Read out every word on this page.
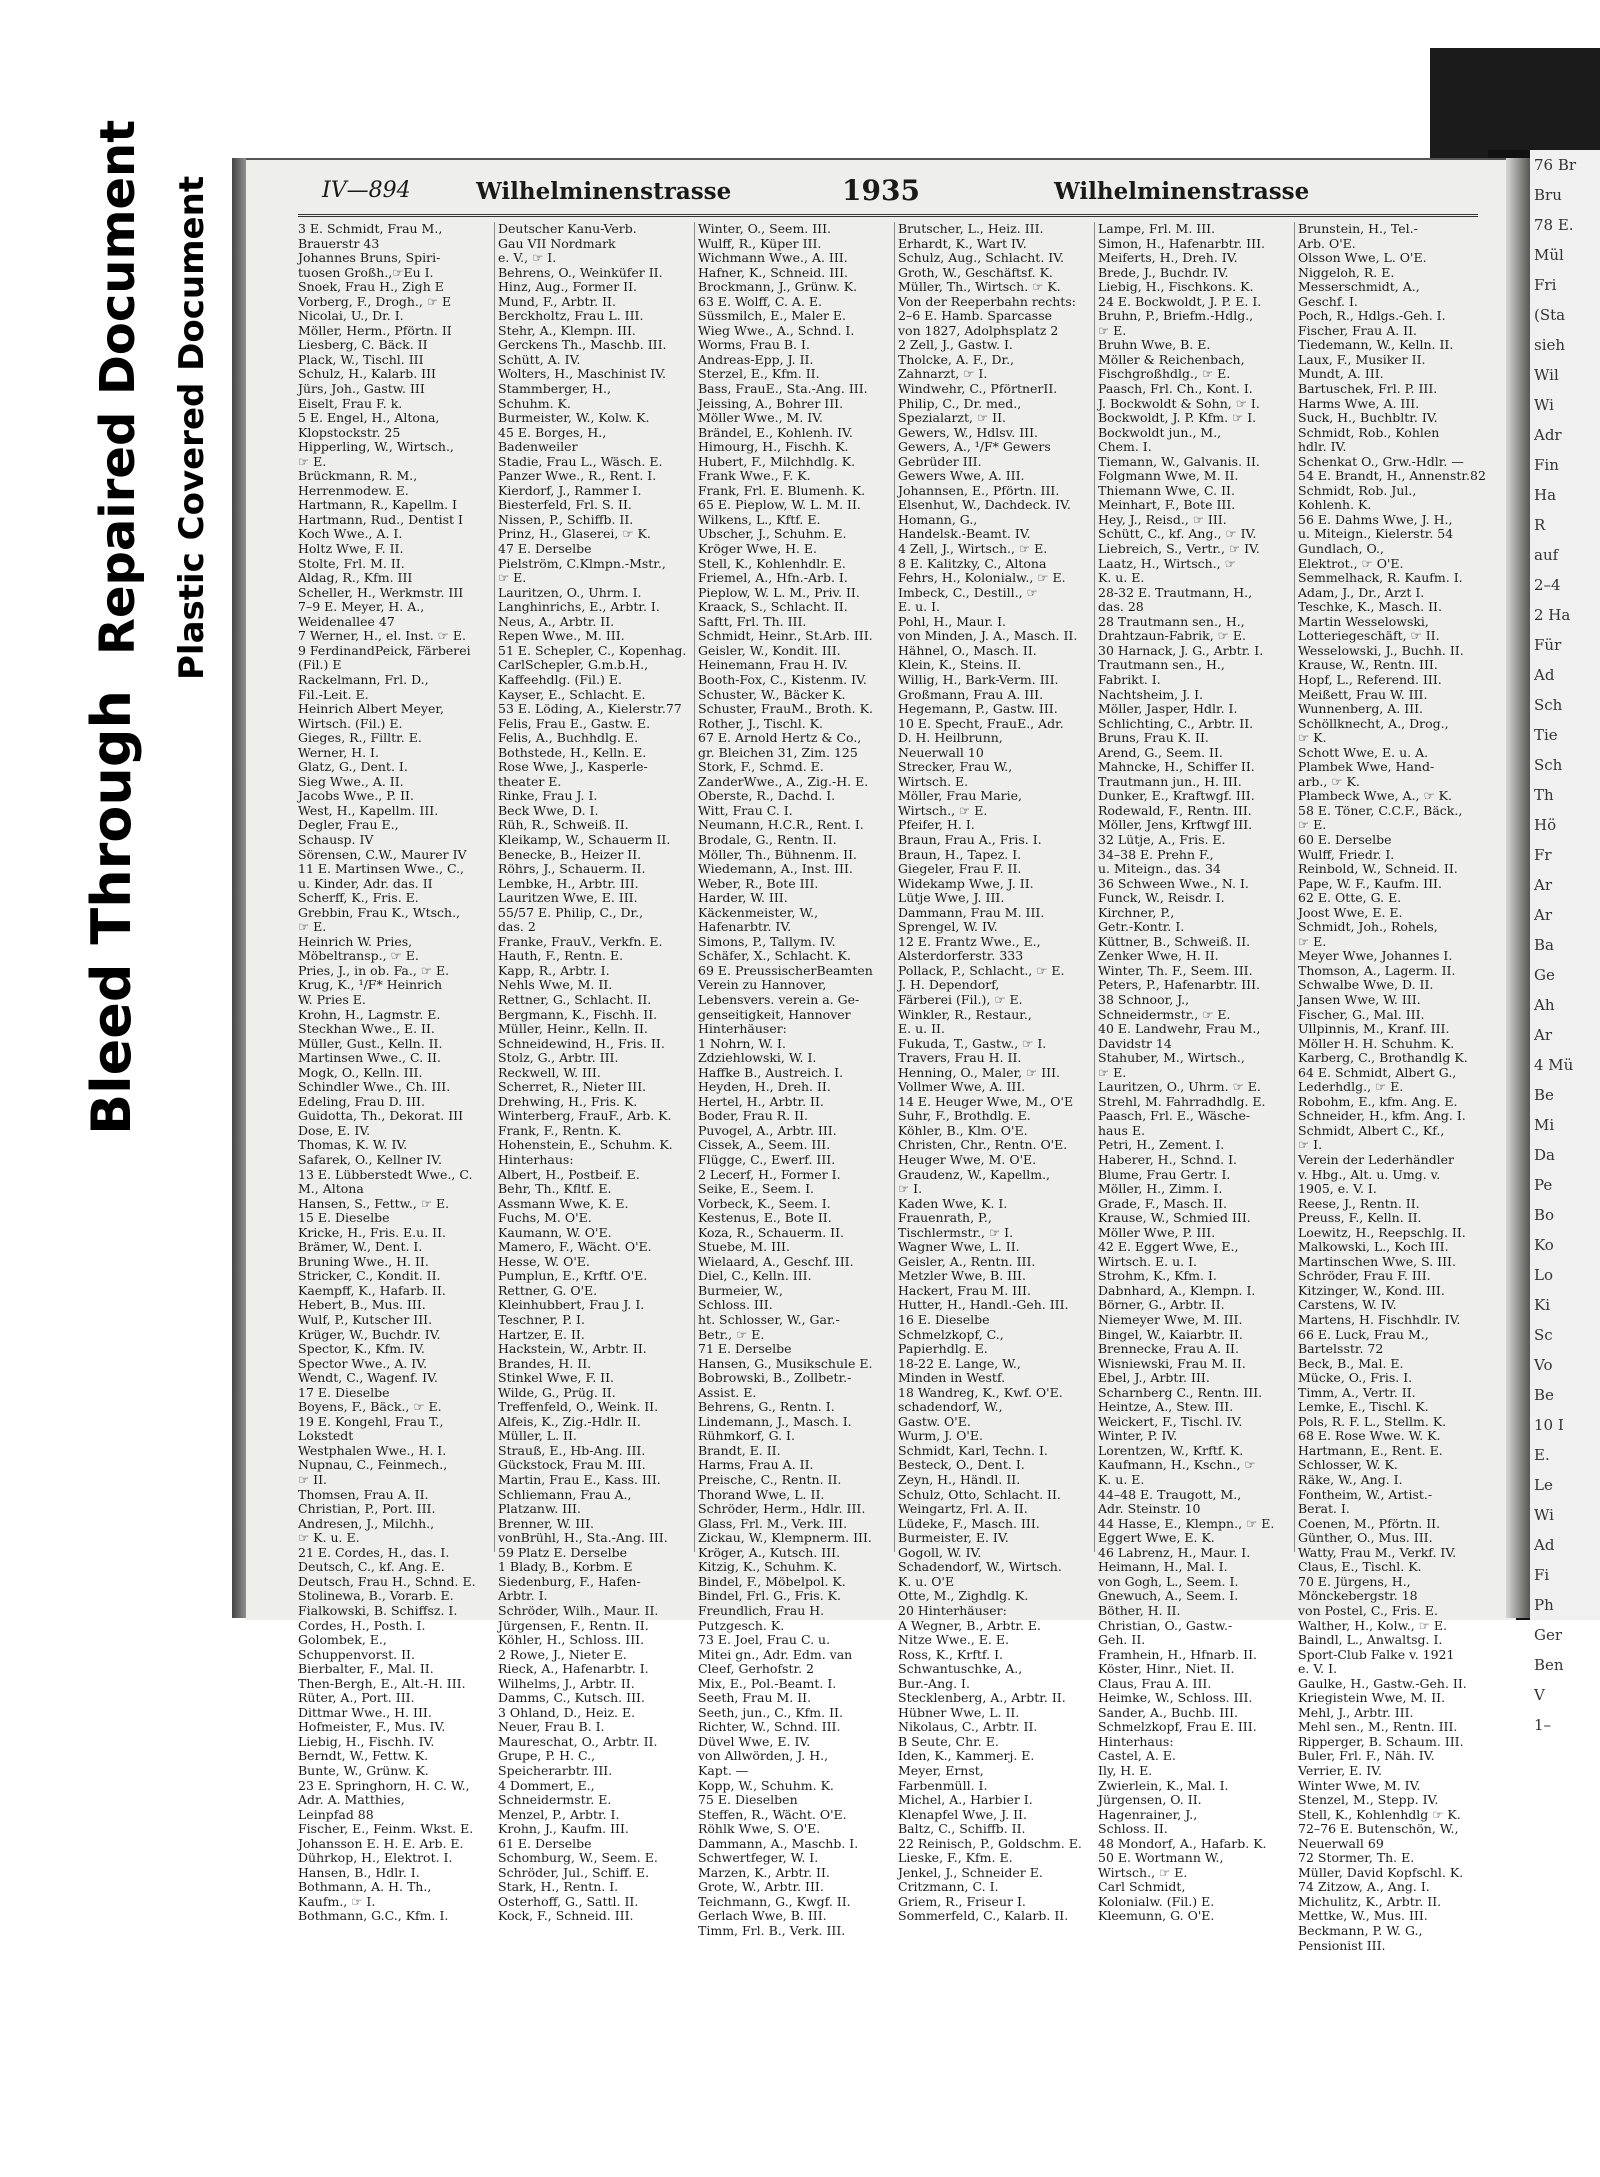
76 Br
Bru
78 E.
Mül
Fri
(Sta
sieh
Wil
Wi
Adr
Fin
Ha
R
auf
2–4
2 Ha
Für
Ad
Sch
Tie
Sch
Th
Hö
Fr
Ar
Ar
Ba
Ge
Ah
Ar
4 Mü
Be
Mi
Da
Pe
Bo
Ko
Lo
Ki
Sc
Vo
Be
10 I
E.
Le
Wi
Ad
Fi
Ph
Ger
Ben
V
1–
Bleed Through
Repaired Document Plastic Covered Document	IV—894	Wilhelminenstrasse	1935	Wilhelminenstrasse
3 E. Schmidt, Frau M.,
Brauerstr 43
Johannes Bruns, Spiri-
tuosen Großh.,☞Eu I.
Snoek, Frau H., Zigh E
Vorberg, F., Drogh., ☞ E
Nicolai, U., Dr. I.
Möller, Herm., Pförtn. II
Liesberg, C. Bäck. II
Plack, W., Tischl. III
Schulz, H., Kalarb. III
Jürs, Joh., Gastw. III
Eiselt, Frau F. k.
5 E. Engel, H., Altona,
Klopstockstr. 25
Hipperling, W., Wirtsch.,
☞ E.
Brückmann, R. M.,
Herrenmodew. E.
Hartmann, R., Kapellm. I
Hartmann, Rud., Dentist I
Koch Wwe., A. I.
Holtz Wwe, F. II.
Stolte, Frl. M. II.
Aldag, R., Kfm. III
Scheller, H., Werkmstr. III
7–9 E. Meyer, H. A.,
Weidenallee 47
7 Werner, H., el. Inst. ☞ E.
9 FerdinandPeick, Färberei
(Fil.) E
Rackelmann, Frl. D.,
Fil.-Leit. E.
Heinrich Albert Meyer,
Wirtsch. (Fil.) E.
Gieges, R., Filltr. E.
Werner, H. I.
Glatz, G., Dent. I.
Sieg Wwe., A. II.
Jacobs Wwe., P. II.
West, H., Kapellm. III.
Degler, Frau E.,
Schausp. IV
Sörensen, C.W., Maurer IV
11 E. Martinsen Wwe., C.,
u. Kinder, Adr. das. II
Scherff, K., Fris. E.
Grebbin, Frau K., Wtsch.,
☞ E.
Heinrich W. Pries,
Möbeltransp., ☞ E.
Pries, J., in ob. Fa., ☞ E.
Krug, K., ¹/F* Heinrich
W. Pries E.
Krohn, H., Lagmstr. E.
Steckhan Wwe., E. II.
Müller, Gust., Kelln. II.
Martinsen Wwe., C. II.
Mogk, O., Kelln. III.
Schindler Wwe., Ch. III.
Edeling, Frau D. III.
Guidotta, Th., Dekorat. III
Dose, E. IV.
Thomas, K. W. IV.
Safarek, O., Kellner IV.
13 E. Lübberstedt Wwe., C.
M., Altona
Hansen, S., Fettw., ☞ E.
15 E. Dieselbe
Kricke, H., Fris. E.u. II.
Brämer, W., Dent. I.
Bruning Wwe., H. II.
Stricker, C., Kondit. II.
Kaempff, K., Hafarb. II.
Hebert, B., Mus. III.
Wulf, P., Kutscher III.
Krüger, W., Buchdr. IV.
Spector, K., Kfm. IV.
Spector Wwe., A. IV.
Wendt, C., Wagenf. IV.
17 E. Dieselbe
Boyens, F., Bäck., ☞ E.
19 E. Kongehl, Frau T.,
Lokstedt
Westphalen Wwe., H. I.
Nupnau, C., Feinmech.,
☞ II.
Thomsen, Frau A. II.
Christian, P., Port. III.
Andresen, J., Milchh.,
☞ K. u. E.
21 E. Cordes, H., das. I.
Deutsch, C., kf. Ang. E.
Deutsch, Frau H., Schnd. E.
Stolinewa, B., Vorarb. E.
Fialkowski, B. Schiffsz. I.
Cordes, H., Posth. I.
Golombek, E.,
Schuppenvorst. II.
Bierbalter, F., Mal. II.
Then-Bergh, E., Alt.-H. III.
Rüter, A., Port. III.
Dittmar Wwe., H. III.
Hofmeister, F., Mus. IV.
Liebig, H., Fischh. IV.
Berndt, W., Fettw. K.
Bunte, W., Grünw. K.
23 E. Springhorn, H. C. W.,
Adr. A. Matthies,
Leinpfad 88
Fischer, E., Feinm. Wkst. E.
Johansson E. H. E. Arb. E.
Dührkop, H., Elektrot. I.
Hansen, B., Hdlr. I.
Bothmann, A. H. Th.,
Kaufm., ☞ I.
Bothmann, G.C., Kfm. I.
Deutscher Kanu-Verb.
Gau VII Nordmark
e. V., ☞ I.
Behrens, O., Weinküfer II.
Hinz, Aug., Former II.
Mund, F., Arbtr. II.
Berckholtz, Frau L. III.
Stehr, A., Klempn. III.
Gerckens Th., Maschb. III.
Schütt, A. IV.
Wolters, H., Maschinist IV.
Stammberger, H.,
Schuhm. K.
Burmeister, W., Kolw. K.
45 E. Borges, H.,
Badenweiler
Stadie, Frau L., Wäsch. E.
Panzer Wwe., R., Rent. I.
Kierdorf, J., Rammer I.
Biesterfeld, Frl. S. II.
Nissen, P., Schiffb. II.
Prinz, H., Glaserei, ☞ K.
47 E. Derselbe
Pielström, C.Klmpn.-Mstr.,
☞ E.
Lauritzen, O., Uhrm. I.
Langhinrichs, E., Arbtr. I.
Neus, A., Arbtr. II.
Repen Wwe., M. III.
51 E. Schepler, C., Kopenhag.
CarlSchepler, G.m.b.H.,
Kaffeehdlg. (Fil.) E.
Kayser, E., Schlacht. E.
53 E. Löding, A., Kielerstr.77
Felis, Frau E., Gastw. E.
Felis, A., Buchhdlg. E.
Bothstede, H., Kelln. E.
Rose Wwe, J., Kasperle-
theater E.
Rinke, Frau J. I.
Beck Wwe, D. I.
Rüh, R., Schweiß. II.
Kleikamp, W., Schauerm II.
Benecke, B., Heizer II.
Röhrs, J., Schauerm. II.
Lembke, H., Arbtr. III.
Lauritzen Wwe, E. III.
55/57 E. Philip, C., Dr.,
das. 2
Franke, FrauV., Verkfn. E.
Hauth, F., Rentn. E.
Kapp, R., Arbtr. I.
Nehls Wwe, M. II.
Rettner, G., Schlacht. II.
Bergmann, K., Fischh. II.
Müller, Heinr., Kelln. II.
Schneidewind, H., Fris. II.
Stolz, G., Arbtr. III.
Reckwell, W. III.
Scherret, R., Nieter III.
Drehwing, H., Fris. K.
Winterberg, FrauF., Arb. K.
Frank, F., Rentn. K.
Hohenstein, E., Schuhm. K.
Hinterhaus:
Albert, H., Postbeif. E.
Behr, Th., Kfltf. E.
Assmann Wwe, K. E.
Fuchs, M. O'E.
Kaumann, W. O'E.
Mamero, F., Wächt. O'E.
Hesse, W. O'E.
Pumplun, E., Krftf. O'E.
Rettner, G. O'E.
Kleinhubbert, Frau J. I.
Teschner, P. I.
Hartzer, E. II.
Hackstein, W., Arbtr. II.
Brandes, H. II.
Stinkel Wwe, F. II.
Wilde, G., Prüg. II.
Treffenfeld, O., Weink. II.
Alfeis, K., Zig.-Hdlr. II.
Müller, L. II.
Strauß, E., Hb-Ang. III.
Gückstock, Frau M. III.
Martin, Frau E., Kass. III.
Schliemann, Frau A.,
Platzanw. III.
Brenner, W. III.
vonBrühl, H., Sta.-Ang. III.
59 Platz E. Derselbe
1 Blady, B., Korbm. E
Siedenburg, F., Hafen-
Arbtr. I.
Schröder, Wilh., Maur. II.
Jürgensen, F., Rentn. II.
Köhler, H., Schloss. III.
2 Rowe, J., Nieter E.
Rieck, A., Hafenarbtr. I.
Wilhelms, J., Arbtr. II.
Damms, C., Kutsch. III.
3 Ohland, D., Heiz. E.
Neuer, Frau B. I.
Maureschat, O., Arbtr. II.
Grupe, P. H. C.,
Speicherarbtr. III.
4 Dommert, E.,
Schneidermstr. E.
Menzel, P., Arbtr. I.
Krohn, J., Kaufm. III.
61 E. Derselbe
Schomburg, W., Seem. E.
Schröder, Jul., Schiff. E.
Stark, H., Rentn. I.
Osterhoff, G., Sattl. II.
Kock, F., Schneid. III.
Winter, O., Seem. III.
Wulff, R., Küper III.
Wichmann Wwe., A. III.
Hafner, K., Schneid. III.
Brockmann, J., Grünw. K.
63 E. Wolff, C. A. E.
Süssmilch, E., Maler E.
Wieg Wwe., A., Schnd. I.
Worms, Frau B. I.
Andreas-Epp, J. II.
Sterzel, E., Kfm. II.
Bass, FrauE., Sta.-Ang. III.
Jeissing, A., Bohrer III.
Möller Wwe., M. IV.
Brändel, E., Kohlenh. IV.
Himourg, H., Fischh. K.
Hubert, F., Milchhdlg. K.
Frank Wwe., F. K.
Frank, Frl. E. Blumenh. K.
65 E. Pieplow, W. L. M. II.
Wilkens, L., Kftf. E.
Ubscher, J., Schuhm. E.
Kröger Wwe, H. E.
Stell, K., Kohlenhdlr. E.
Friemel, A., Hfn.-Arb. I.
Pieplow, W. L. M., Priv. II.
Kraack, S., Schlacht. II.
Saftt, Frl. Th. III.
Schmidt, Heinr., St.Arb. III.
Geisler, W., Kondit. III.
Heinemann, Frau H. IV.
Booth-Fox, C., Kistenm. IV.
Schuster, W., Bäcker K.
Schuster, FrauM., Broth. K.
Rother, J., Tischl. K.
67 E. Arnold Hertz & Co.,
gr. Bleichen 31, Zim. 125
Stork, F., Schmd. E.
ZanderWwe., A., Zig.-H. E.
Oberste, R., Dachd. I.
Witt, Frau C. I.
Neumann, H.C.R., Rent. I.
Brodale, G., Rentn. II.
Möller, Th., Bühnenm. II.
Wiedemann, A., Inst. III.
Weber, R., Bote III.
Harder, W. III.
Käckenmeister, W.,
Hafenarbtr. IV.
Simons, P., Tallym. IV.
Schäfer, X., Schlacht. K.
69 E. PreussischerBeamten
Verein zu Hannover,
Lebensvers. verein a. Ge-
genseitigkeit, Hannover
Hinterhäuser:
1 Nohrn, W. I.
Zdziehlowski, W. I.
Haffke B., Austreich. I.
Heyden, H., Dreh. II.
Hertel, H., Arbtr. II.
Boder, Frau R. II.
Puvogel, A., Arbtr. III.
Cissek, A., Seem. III.
Flügge, C., Ewerf. III.
2 Lecerf, H., Former I.
Seike, E., Seem. I.
Vorbeck, K., Seem. I.
Kestenus, E., Bote II.
Koza, R., Schauerm. II.
Stuebe, M. III.
Wielaard, A., Geschf. III.
Diel, C., Kelln. III.
Burmeier, W.,
Schloss. III.
ht. Schlosser, W., Gar.-
Betr., ☞ E.
71 E. Derselbe
Hansen, G., Musikschule E.
Bobrowski, B., Zollbetr.-
Assist. E.
Behrens, G., Rentn. I.
Lindemann, J., Masch. I.
Rühmkorf, G. I.
Brandt, E. II.
Harms, Frau A. II.
Preische, C., Rentn. II.
Thorand Wwe, L. II.
Schröder, Herm., Hdlr. III.
Glass, Frl. M., Verk. III.
Zickau, W., Klempnerm. III.
Kröger, A., Kutsch. III.
Kitzig, K., Schuhm. K.
Bindel, F., Möbelpol. K.
Bindel, Frl. G., Fris. K.
Freundlich, Frau H.
Putzgesch. K.
73 E. Joel, Frau C. u.
Mitei gn., Adr. Edm. van
Cleef, Gerhofstr. 2
Mix, E., Pol.-Beamt. I.
Seeth, Frau M. II.
Seeth, jun., C., Kfm. II.
Richter, W., Schnd. III.
Düvel Wwe, E. IV.
von Allwörden, J. H.,
Kapt. —
Kopp, W., Schuhm. K.
75 E. Dieselben
Steffen, R., Wächt. O'E.
Röhlk Wwe, S. O'E.
Dammann, A., Maschb. I.
Schwertfeger, W. I.
Marzen, K., Arbtr. II.
Grote, W., Arbtr. III.
Teichmann, G., Kwgf. II.
Gerlach Wwe, B. III.
Timm, Frl. B., Verk. III.
Brutscher, L., Heiz. III.
Erhardt, K., Wart IV.
Schulz, Aug., Schlacht. IV.
Groth, W., Geschäftsf. K.
Müller, Th., Wirtsch. ☞ K.
Von der Reeperbahn rechts:
2–6 E. Hamb. Sparcasse
von 1827, Adolphsplatz 2
2 Zell, J., Gastw. I.
Tholcke, A. F., Dr.,
Zahnarzt, ☞ I.
Windwehr, C., PförtnerII.
Philip, C., Dr. med.,
Spezialarzt, ☞ II.
Gewers, W., Hdlsv. III.
Gewers, A., ¹/F* Gewers
Gebrüder III.
Gewers Wwe, A. III.
Johannsen, E., Pförtn. III.
Elsenhut, W., Dachdeck. IV.
Homann, G.,
Handelsk.-Beamt. IV.
4 Zell, J., Wirtsch., ☞ E.
8 E. Kalitzky, C., Altona
Fehrs, H., Kolonialw., ☞ E.
Imbeck, C., Destill., ☞
E. u. I.
Pohl, H., Maur. I.
von Minden, J. A., Masch. II.
Hähnel, O., Masch. II.
Klein, K., Steins. II.
Willig, H., Bark-Verm. III.
Großmann, Frau A. III.
Hegemann, P., Gastw. III.
10 E. Specht, FrauE., Adr.
D. H. Heilbrunn,
Neuerwall 10
Strecker, Frau W.,
Wirtsch. E.
Möller, Frau Marie,
Wirtsch., ☞ E.
Pfeifer, H. I.
Braun, Frau A., Fris. I.
Braun, H., Tapez. I.
Giegeler, Frau F. II.
Widekamp Wwe, J. II.
Lütje Wwe, J. III.
Dammann, Frau M. III.
Sprengel, W. IV.
12 E. Frantz Wwe., E.,
Alsterdorferstr. 333
Pollack, P., Schlacht., ☞ E.
J. H. Dependorf,
Färberei (Fil.), ☞ E.
Winkler, R., Restaur.,
E. u. II.
Fukuda, T., Gastw., ☞ I.
Travers, Frau H. II.
Henning, O., Maler, ☞ III.
Vollmer Wwe, A. III.
14 E. Heuger Wwe, M., O'E
Suhr, F., Brothdlg. E.
Köhler, B., Klm. O'E.
Christen, Chr., Rentn. O'E.
Heuger Wwe, M. O'E.
Graudenz, W., Kapellm.,
☞ I.
Kaden Wwe, K. I.
Frauenrath, P.,
Tischlermstr., ☞ I.
Wagner Wwe, L. II.
Geisler, A., Rentn. III.
Metzler Wwe, B. III.
Hackert, Frau M. III.
Hutter, H., Handl.-Geh. III.
16 E. Dieselbe
Schmelzkopf, C.,
Papierhdlg. E.
18-22 E. Lange, W.,
Minden in Westf.
18 Wandreg, K., Kwf. O'E.
schadendorf, W.,
Gastw. O'E.
Wurm, J. O'E.
Schmidt, Karl, Techn. I.
Besteck, O., Dent. I.
Zeyn, H., Händl. II.
Schulz, Otto, Schlacht. II.
Weingartz, Frl. A. II.
Lüdeke, F., Masch. III.
Burmeister, E. IV.
Gogoll, W. IV.
Schadendorf, W., Wirtsch.
K. u. O'E
Otte, M., Zighdlg. K.
20 Hinterhäuser:
A Wegner, B., Arbtr. E.
Nitze Wwe., E. E.
Ross, K., Krftf. I.
Schwantuschke, A.,
Bur.-Ang. I.
Stecklenberg, A., Arbtr. II.
Hübner Wwe, L. II.
Nikolaus, C., Arbtr. II.
B Seute, Chr. E.
Iden, K., Kammerj. E.
Meyer, Ernst,
Farbenmüll. I.
Michel, A., Harbier I.
Klenapfel Wwe, J. II.
Baltz, C., Schiffb. II.
22 Reinisch, P., Goldschm. E.
Lieske, F., Kfm. E.
Jenkel, J., Schneider E.
Critzmann, C. I.
Griem, R., Friseur I.
Sommerfeld, C., Kalarb. II.
Lampe, Frl. M. III.
Simon, H., Hafenarbtr. III.
Meiferts, H., Dreh. IV.
Brede, J., Buchdr. IV.
Liebig, H., Fischkons. K.
24 E. Bockwoldt, J. P. E. I.
Bruhn, P., Briefm.-Hdlg.,
☞ E.
Bruhn Wwe, B. E.
Möller & Reichenbach,
Fischgroßhdlg., ☞ E.
Paasch, Frl. Ch., Kont. I.
J. Bockwoldt & Sohn, ☞ I.
Bockwoldt, J. P. Kfm. ☞ I.
Bockwoldt jun., M.,
Chem. I.
Tiemann, W., Galvanis. II.
Folgmann Wwe, M. II.
Thiemann Wwe, C. II.
Meinhart, F., Bote III.
Hey, J., Reisd., ☞ III.
Schütt, C., kf. Ang., ☞ IV.
Liebreich, S., Vertr., ☞ IV.
Laatz, H., Wirtsch., ☞
K. u. E.
28-32 E. Trautmann, H.,
das. 28
28 Trautmann sen., H.,
Drahtzaun-Fabrik, ☞ E.
30 Harnack, J. G., Arbtr. I.
Trautmann sen., H.,
Fabrikt. I.
Nachtsheim, J. I.
Möller, Jasper, Hdlr. I.
Schlichting, C., Arbtr. II.
Bruns, Frau K. II.
Arend, G., Seem. II.
Mahncke, H., Schiffer II.
Trautmann jun., H. III.
Dunker, E., Kraftwgf. III.
Rodewald, F., Rentn. III.
Möller, Jens, Krftwgf III.
32 Lütje, A., Fris. E.
34–38 E. Prehn F.,
u. Miteign., das. 34
36 Schween Wwe., N. I.
Funck, W., Reisdr. I.
Kirchner, P.,
Getr.-Kontr. I.
Küttner, B., Schweiß. II.
Zenker Wwe, H. II.
Winter, Th. F., Seem. III.
Peters, P., Hafenarbtr. III.
38 Schnoor, J.,
Schneidermstr., ☞ E.
40 E. Landwehr, Frau M.,
Davidstr 14
Stahuber, M., Wirtsch.,
☞ E.
Lauritzen, O., Uhrm. ☞ E.
Strehl, M. Fahrradhdlg. E.
Paasch, Frl. E., Wäsche-
haus E.
Petri, H., Zement. I.
Haberer, H., Schnd. I.
Blume, Frau Gertr. I.
Möller, H., Zimm. I.
Grade, F., Masch. II.
Krause, W., Schmied III.
Möller Wwe, P. III.
42 E. Eggert Wwe, E.,
Wirtsch. E. u. I.
Strohm, K., Kfm. I.
Dabnhard, A., Klempn. I.
Börner, G., Arbtr. II.
Niemeyer Wwe, M. III.
Bingel, W., Kaiarbtr. II.
Brennecke, Frau A. II.
Wisniewski, Frau M. II.
Ebel, J., Arbtr. III.
Scharnberg C., Rentn. III.
Heintze, A., Stew. III.
Weickert, F., Tischl. IV.
Winter, P. IV.
Lorentzen, W., Krftf. K.
Kaufmann, H., Kschn., ☞
K. u. E.
44–48 E. Traugott, M.,
Adr. Steinstr. 10
44 Hasse, E., Klempn., ☞ E.
Eggert Wwe, E. K.
46 Labrenz, H., Maur. I.
Heimann, H., Mal. I.
von Gogh, L., Seem. I.
Gnewuch, A., Seem. I.
Böther, H. II.
Christian, O., Gastw.-
Geh. II.
Framhein, H., Hfnarb. II.
Köster, Hinr., Niet. II.
Claus, Frau A. III.
Heimke, W., Schloss. III.
Sander, A., Buchb. III.
Schmelzkopf, Frau E. III.
Hinterhaus:
Castel, A. E.
Ily, H. E.
Zwierlein, K., Mal. I.
Jürgensen, O. II.
Hagenrainer, J.,
Schloss. II.
48 Mondorf, A., Hafarb. K.
50 E. Wortmann W.,
Wirtsch., ☞ E.
Carl Schmidt,
Kolonialw. (Fil.) E.
Kleemunn, G. O'E.
Brunstein, H., Tel.-
Arb. O'E.
Olsson Wwe, L. O'E.
Niggeloh, R. E.
Messerschmidt, A.,
Geschf. I.
Poch, R., Hdlgs.-Geh. I.
Fischer, Frau A. II.
Tiedemann, W., Kelln. II.
Laux, F., Musiker II.
Mundt, A. III.
Bartuschek, Frl. P. III.
Harms Wwe, A. III.
Suck, H., Buchbltr. IV.
Schmidt, Rob., Kohlen
hdlr. IV.
Schenkat O., Grw.-Hdlr. —
54 E. Brandt, H., Annenstr.82
Schmidt, Rob. Jul.,
Kohlenh. K.
56 E. Dahms Wwe, J. H.,
u. Miteign., Kielerstr. 54
Gundlach, O.,
Elektrot., ☞ O'E.
Semmelhack, R. Kaufm. I.
Adam, J., Dr., Arzt I.
Teschke, K., Masch. II.
Martin Wesselowski,
Lotteriegeschäft, ☞ II.
Wesselowski, J., Buchh. II.
Krause, W., Rentn. III.
Hopf, L., Referend. III.
Meißett, Frau W. III.
Wunnenberg, A. III.
Schöllknecht, A., Drog.,
☞ K.
Schott Wwe, E. u. A.
Plambek Wwe, Hand-
arb., ☞ K.
Plambeck Wwe, A., ☞ K.
58 E. Töner, C.C.F., Bäck.,
☞ E.
60 E. Derselbe
Wulff, Friedr. I.
Reinbold, W., Schneid. II.
Pape, W. F., Kaufm. III.
62 E. Otte, G. E.
Joost Wwe, E. E.
Schmidt, Joh., Rohels,
☞ E.
Meyer Wwe, Johannes I.
Thomson, A., Lagerm. II.
Schwalbe Wwe, D. II.
Jansen Wwe, W. III.
Fischer, G., Mal. III.
Ullpinnis, M., Kranf. III.
Möller H. H. Schuhm. K.
Karberg, C., Brothandlg K.
64 E. Schmidt, Albert G.,
Lederhdlg., ☞ E.
Robohm, E., kfm. Ang. E.
Schneider, H., kfm. Ang. I.
Schmidt, Albert C., Kf.,
☞ I.
Verein der Lederhändler
v. Hbg., Alt. u. Umg. v.
1905, e. V. I.
Reese, J., Rentn. II.
Preuss, F., Kelln. II.
Loewitz, H., Reepschlg. II.
Malkowski, L., Koch III.
Martinschen Wwe, S. III.
Schröder, Frau F. III.
Kitzinger, W., Kond. III.
Carstens, W. IV.
Martens, H. Fischhdlr. IV.
66 E. Luck, Frau M.,
Bartelsstr. 72
Beck, B., Mal. E.
Mücke, O., Fris. I.
Timm, A., Vertr. II.
Lemke, E., Tischl. K.
Pols, R. F. L., Stellm. K.
68 E. Rose Wwe. W. K.
Hartmann, E., Rent. E.
Schlosser, W. K.
Räke, W., Ang. I.
Fontheim, W., Artist.-
Berat. I.
Coenen, M., Pförtn. II.
Günther, O., Mus. III.
Watty, Frau M., Verkf. IV.
Claus, E., Tischl. K.
70 E. Jürgens, H.,
Mönckebergstr. 18
von Postel, C., Fris. E.
Walther, H., Kolw., ☞ E.
Baindl, L., Anwaltsg. I.
Sport-Club Falke v. 1921
e. V. I.
Gaulke, H., Gastw.-Geh. II.
Kriegistein Wwe, M. II.
Mehl, J., Arbtr. III.
Mehl sen., M., Rentn. III.
Ripperger, B. Schaum. III.
Buler, Frl. F., Näh. IV.
Verrier, E. IV.
Winter Wwe, M. IV.
Stenzel, M., Stepp. IV.
Stell, K., Kohlenhdlg ☞ K.
72–76 E. Butenschön, W.,
Neuerwall 69
72 Stormer, Th. E.
Müller, David Kopfschl. K.
74 Zitzow, A., Ang. I.
Michulitz, K., Arbtr. II.
Mettke, W., Mus. III.
Beckmann, P. W. G.,
Pensionist III.
